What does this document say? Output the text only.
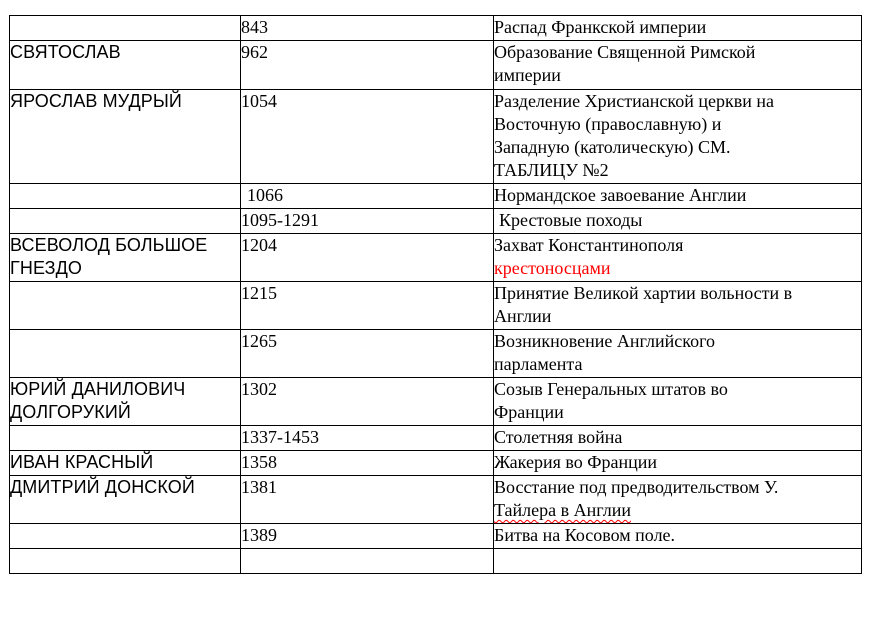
	843	Распад Франкской империи
СВЯТОСЛАВ	962	Образование Священной Римской
империи
ЯРОСЛАВ МУДРЫЙ	1054	Разделение Христианской церкви на
Восточную (православную) и
Западную (католическую) СМ.
ТАБЛИЦУ №2
	1066	Нормандское завоевание Англии
	1095-1291	Крестовые походы
ВСЕВОЛОД БОЛЬШОЕ ГНЕЗДО	1204	Захват Константинополя
крестоносцами
	1215	Принятие Великой хартии вольности в
Англии
	1265	Возникновение Английского
парламента
ЮРИЙ ДАНИЛОВИЧ ДОЛГОРУКИЙ	1302	Созыв Генеральных штатов во
Франции
	1337-1453	Столетняя война
ИВАН КРАСНЫЙ	1358	Жакерия во Франции
ДМИТРИЙ ДОНСКОЙ	1381	Восстание под предводительством У.
Тайлера в Англии
	1389	Битва на Косовом поле.
